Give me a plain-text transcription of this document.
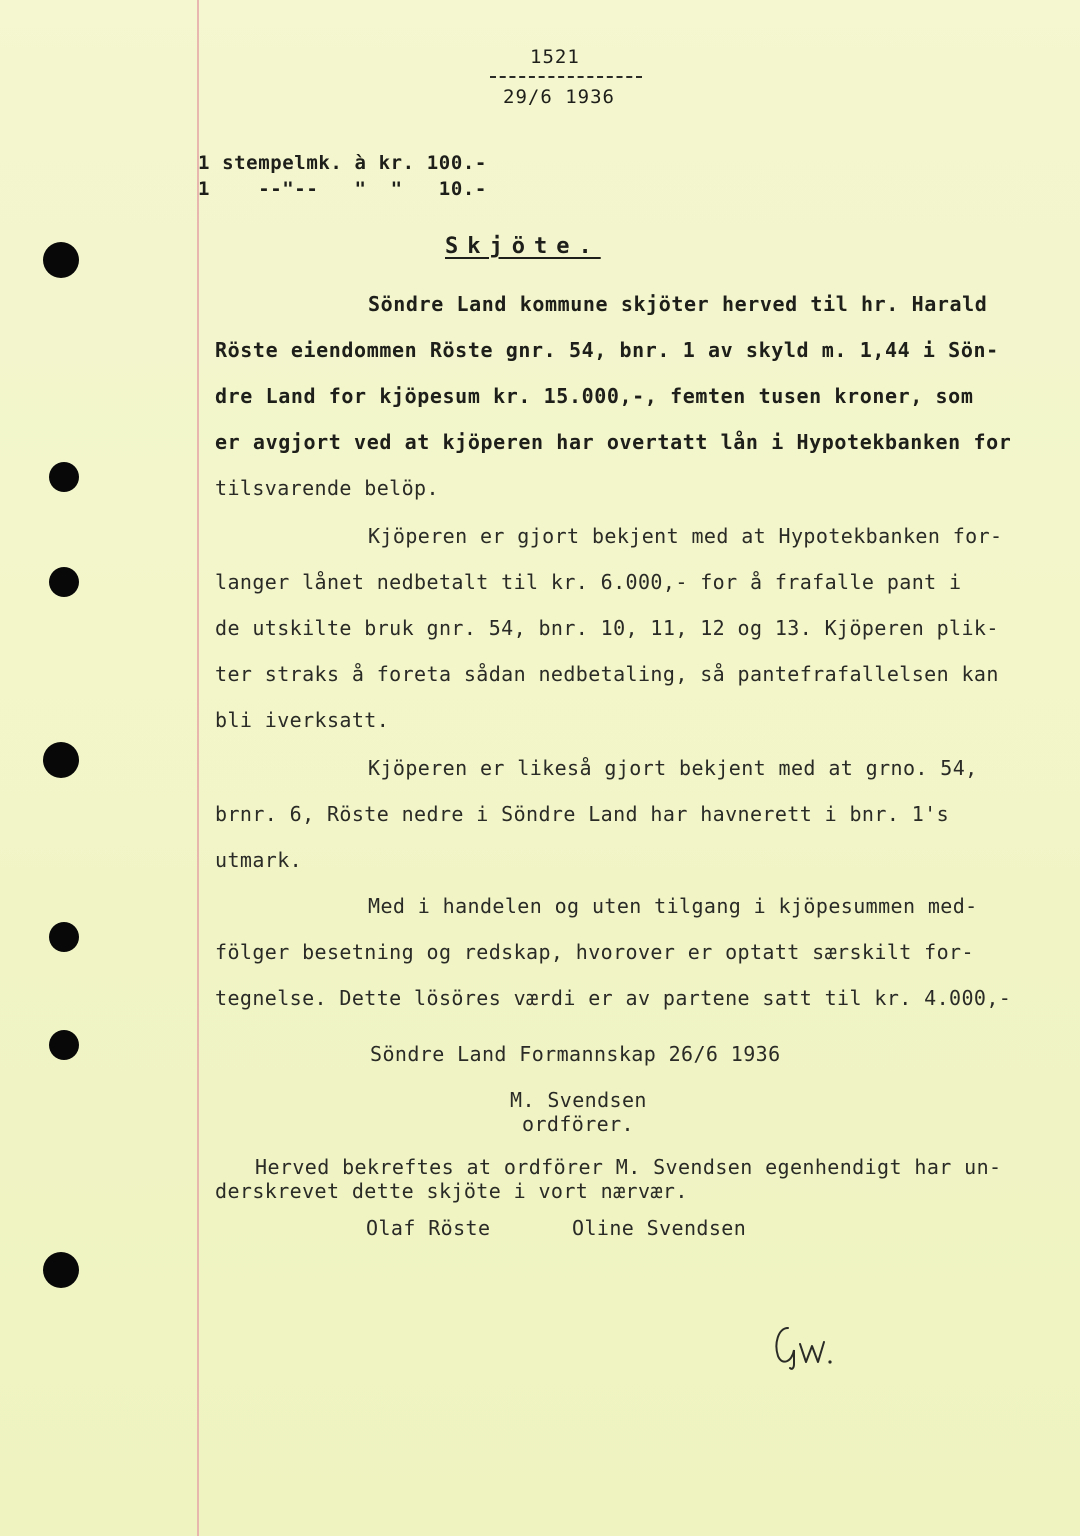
1521
29/6 1936
1 stempelmk. à kr. 100.-
1    --"--   "  "   10.-
Skjöte.
Söndre Land kommune skjöter herved til hr. Harald
Röste eiendommen Röste gnr. 54, bnr. 1 av skyld m. 1,44 i Sön-
dre Land for kjöpesum kr. 15.000,-, femten tusen kroner, som
er avgjort ved at kjöperen har overtatt lån i Hypotekbanken for
tilsvarende belöp.
Kjöperen er gjort bekjent med at Hypotekbanken for-
langer lånet nedbetalt til kr. 6.000,- for å frafalle pant i
de utskilte bruk gnr. 54, bnr. 10, 11, 12 og 13. Kjöperen plik-
ter straks å foreta sådan nedbetaling, så pantefrafallelsen kan
bli iverksatt.
Kjöperen er likeså gjort bekjent med at grno. 54,
brnr. 6, Röste nedre i Söndre Land har havnerett i bnr. 1's
utmark.
Med i handelen og uten tilgang i kjöpesummen med-
fölger besetning og redskap, hvorover er optatt særskilt for-
tegnelse. Dette lösöres værdi er av partene satt til kr. 4.000,-
Söndre Land Formannskap 26/6 1936
M. Svendsen
ordförer.
Herved bekreftes at ordförer M. Svendsen egenhendigt har un-
derskrevet dette skjöte i vort nærvær.
Olaf Röste	Oline Svendsen
